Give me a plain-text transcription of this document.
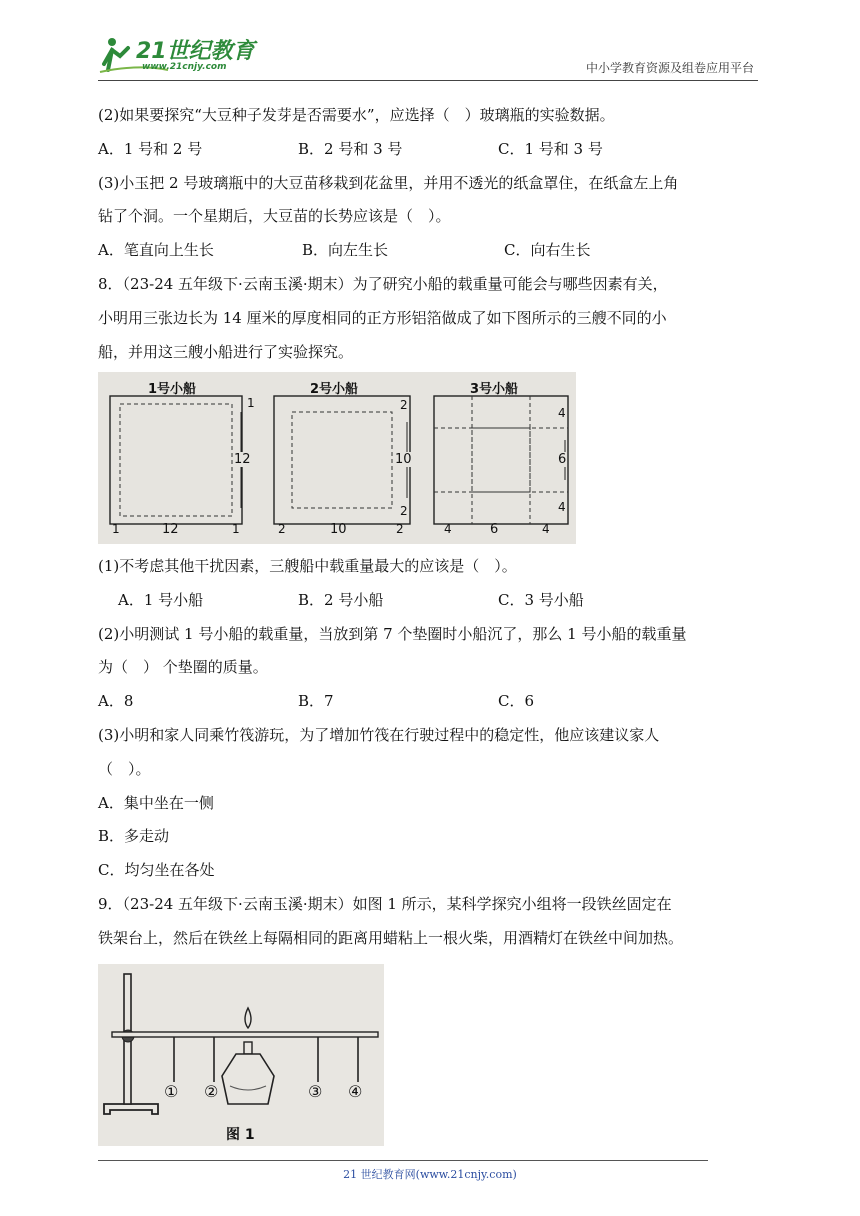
21世纪教育
www.21cnjy.com	中小学教育资源及组卷应用平台
(2)如果要探究“大豆种子发芽是否需要水”，应选择（　）玻璃瓶的实验数据。
A．1 号和 2 号	B．2 号和 3 号	C．1 号和 3 号
(3)小玉把 2 号玻璃瓶中的大豆苗移栽到花盆里，并用不透光的纸盒罩住，在纸盒左上角
钻了个洞。一个星期后，大豆苗的长势应该是（　）。
A．笔直向上生长	B．向左生长	C．向右生长
8．（23-24 五年级下·云南玉溪·期末）为了研究小船的载重量可能会与哪些因素有关，
小明用三张边长为 14 厘米的厚度相同的正方形铝箔做成了如下图所示的三艘不同的小
船，并用这三艘小船进行了实验探究。
1号小船
1
12
1	12	1
2号小船
2
10
2
2	10	2
3号小船
4
6
4
4	6	4
(1)不考虑其他干扰因素，三艘船中载重量最大的应该是（　）。
A．1 号小船	B．2 号小船	C．3 号小船
(2)小明测试 1 号小船的载重量，当放到第 7 个垫圈时小船沉了，那么 1 号小船的载重量
为（　） 个垫圈的质量。
A．8	B．7	C．6
(3)小明和家人同乘竹筏游玩，为了增加竹筏在行驶过程中的稳定性，他应该建议家人
（　）。
A．集中坐在一侧
B．多走动
C．均匀坐在各处
9．（23-24 五年级下·云南玉溪·期末）如图 1 所示，某科学探究小组将一段铁丝固定在
铁架台上，然后在铁丝上每隔相同的距离用蜡粘上一根火柴，用酒精灯在铁丝中间加热。
① ②	③ ④
图 1
21 世纪教育网(www.21cnjy.com)
